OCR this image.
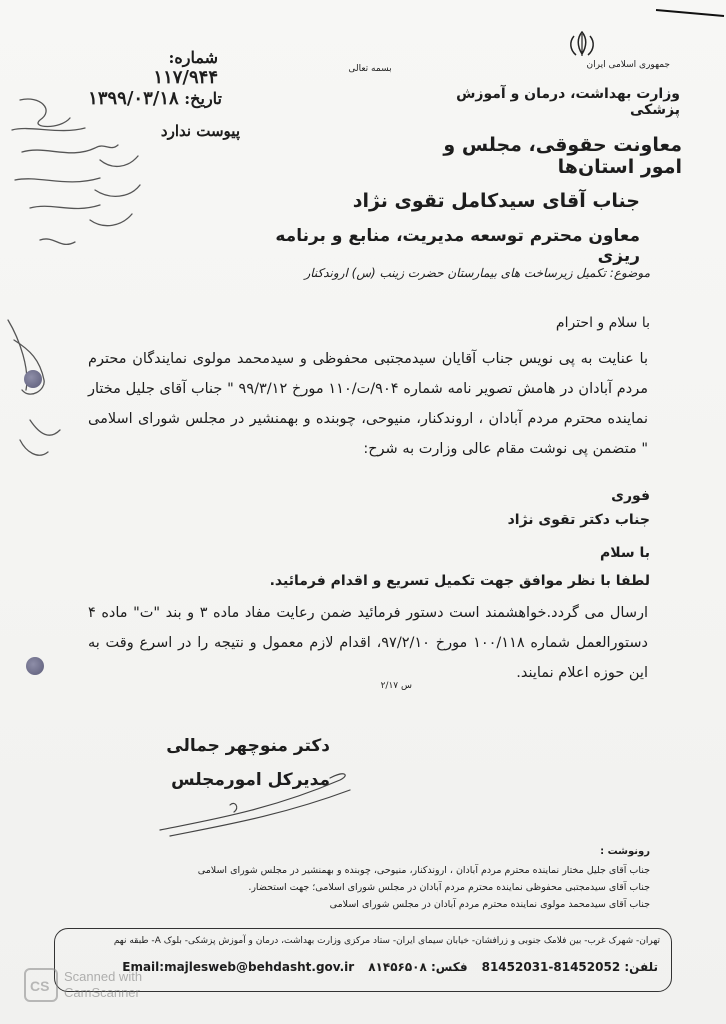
جمهوری اسلامی ایران
وزارت بهداشت، درمان و آموزش پزشکی
معاونت حقوقی، مجلس و امور استان‌ها
بسمه تعالی
شماره: ۱۱۷/۹۴۴
تاریخ: ۱۳۹۹/۰۳/۱۸
پیوست ندارد
جناب آقای سیدکامل تقوی نژاد
معاون محترم توسعه مدیریت، منابع و برنامه ریزی
موضوع: تکمیل زیرساخت های بیمارستان حضرت زینب (س) اروندکنار
با سلام و احترام
با عنایت به پی نویس جناب آقایان سیدمجتبی محفوظی و سیدمحمد مولوی نمایندگان محترم مردم آبادان در هامش تصویر نامه شماره ۹۰۴/ت/۱۱۰ مورخ ۹۹/۳/۱۲ " جناب آقای جلیل مختار نماینده محترم مردم آبادان ، اروندکنار، منیوحی، چوبنده و بهمنشیر در مجلس شورای اسلامی " متضمن پی نوشت مقام عالی وزارت به شرح:
فوری
جناب دکتر تقوی نژاد
با سلام
لطفا با نظر موافق جهت تکمیل تسریع و اقدام فرمائید.
ارسال می گردد.خواهشمند است دستور فرمائید ضمن رعایت مفاد ماده ۳ و بند "ت" ماده ۴ دستورالعمل شماره ۱۰۰/۱۱۸ مورخ ۹۷/۲/۱۰، اقدام لازم معمول و نتیجه را در اسرع وقت به این حوزه اعلام نمایند.
س ۲/۱۷
دکتر منوچهر جمالی
مدیرکل امورمجلس
رونوشت :
جناب آقای جلیل مختار نماینده محترم مردم آبادان ، اروندکنار، منیوحی، چوبنده و بهمنشیر در مجلس شورای اسلامی
جناب آقای سیدمجتبی محفوظی نماینده محترم مردم آبادان در مجلس شورای اسلامی؛ جهت استحضار.
جناب آقای سیدمحمد مولوی نماینده محترم مردم آبادان در مجلس شورای اسلامی
تهران- شهرک غرب- بین فلامک جنوبی و زرافشان- خیابان سیمای ایران- ستاد مرکزی وزارت بهداشت، درمان و آموزش پزشکی- بلوک A- طبقه نهم
Email:majlesweb@behdasht.gov.ir فکس: ۸۱۴۵۶۵۰۸ تلفن: 81452052-81452031
CS
Scanned with
CamScanner
